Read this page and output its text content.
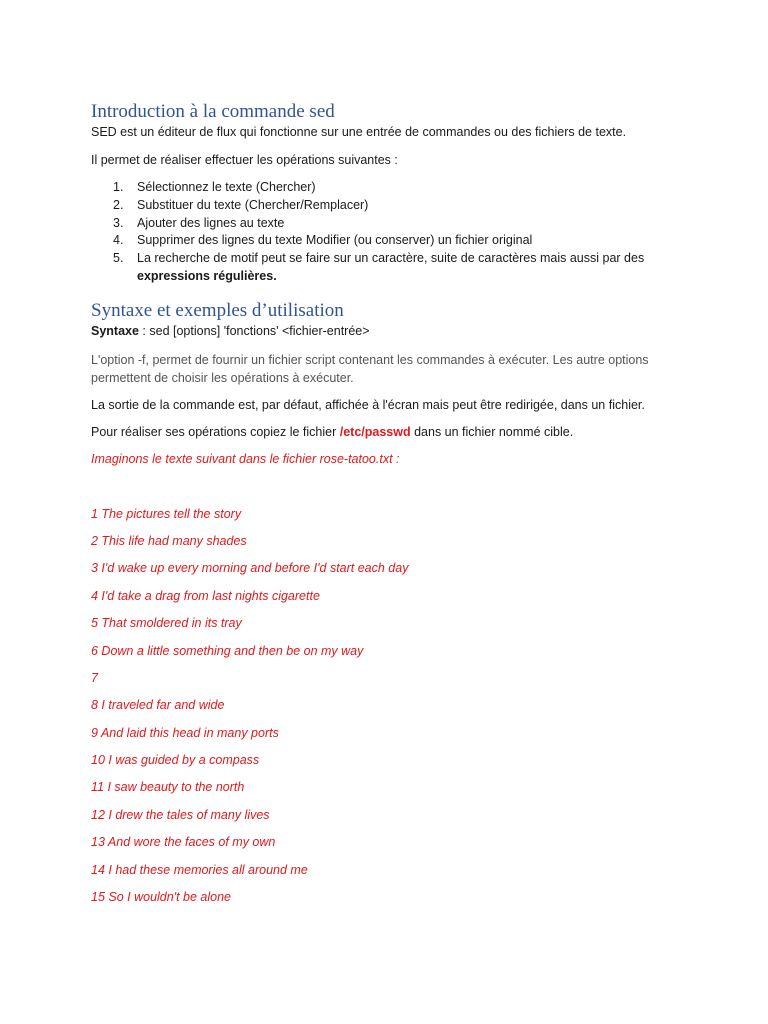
Introduction à la commande sed
SED est un éditeur de flux qui fonctionne sur une entrée de commandes ou des fichiers de texte.
Il permet de réaliser effectuer les opérations suivantes :
1. Sélectionnez le texte (Chercher)
2. Substituer du texte (Chercher/Remplacer)
3. Ajouter des lignes au texte
4. Supprimer des lignes du texte Modifier (ou conserver) un fichier original
5. La recherche de motif peut se faire sur un caractère, suite de caractères mais aussi par des
expressions régulières.
Syntaxe et exemples d’utilisation
Syntaxe : sed [options] 'fonctions' <fichier-entrée>
L'option -f, permet de fournir un fichier script contenant les commandes à exécuter. Les autre options
permettent de choisir les opérations à exécuter.
La sortie de la commande est, par défaut, affichée à l'écran mais peut être redirigée, dans un fichier.
Pour réaliser ses opérations copiez le fichier /etc/passwd dans un fichier nommé cible.
Imaginons le texte suivant dans le fichier rose-tatoo.txt :
1 The pictures tell the story
2 This life had many shades
3 I'd wake up every morning and before I'd start each day
4 I'd take a drag from last nights cigarette
5 That smoldered in its tray
6 Down a little something and then be on my way
7
8 I traveled far and wide
9 And laid this head in many ports
10 I was guided by a compass
11 I saw beauty to the north
12 I drew the tales of many lives
13 And wore the faces of my own
14 I had these memories all around me
15 So I wouldn't be alone
